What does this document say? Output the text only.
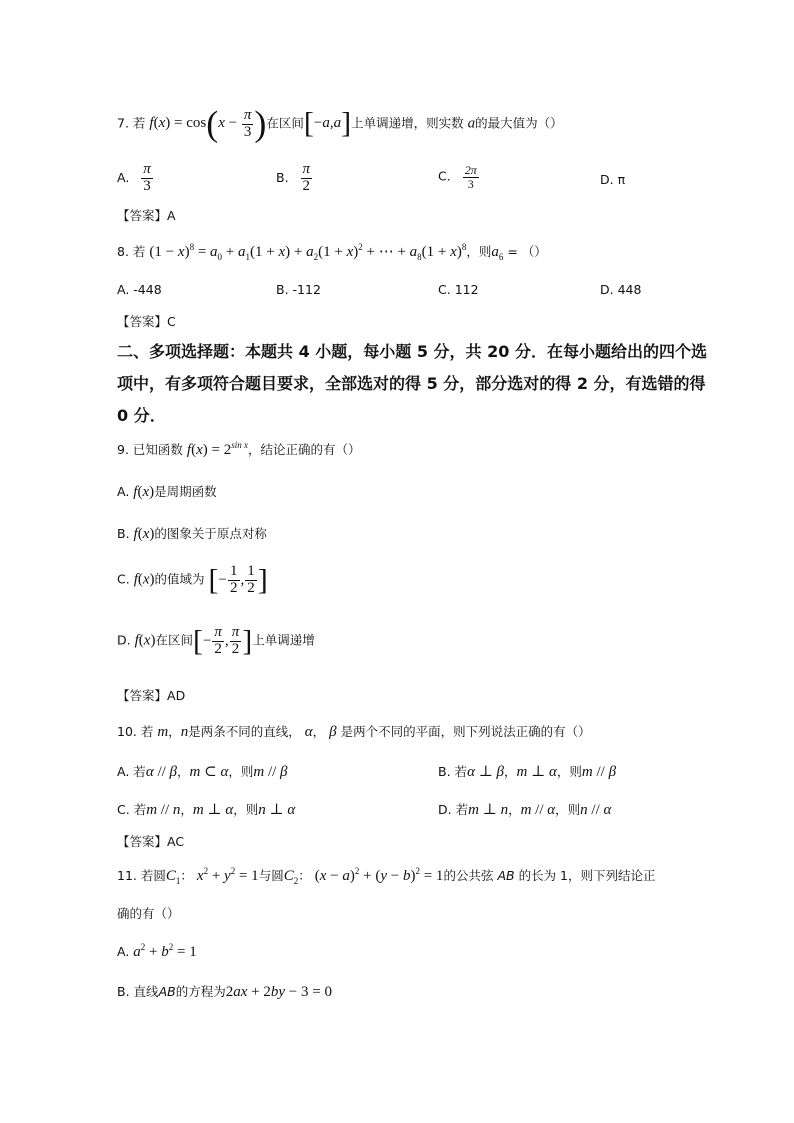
7. 若 $f(x) = \cos(x - \frac{\pi}{3}$ )在区间[−a,a]上单调递增，则实数 a的最大值为（）
A. $\frac{\pi}{3}$	B. $\frac{\pi}{2}$	C. $\frac{2\pi}{3}$	D. π
【答案】A
8. 若 $(1 - x)^8 = a_0 + a_1(1 + x) + a_2(1 + x)^2$ + ⋯ + $a_8(1 + x)^8$，则$a_6$ = （）
A. -448	B. -112	C. 112	D. 448
【答案】C
二、多项选择题：本题共 4 小题，每小题 5 分，共 20 分．在每小题给出的四个选项中，有多项符合题目要求，全部选对的得 5 分，部分选对的得 2 分，有选错的得 0 分．
9. 已知函数 $f(x) = 2^{sin x}$，结论正确的有（）
A. f(x)是周期函数
B. f(x)的图象关于原点对称
C. f(x)的值域为 [− $\frac{1}{2}$ , $\frac{1}{2}$ ]
D. f(x)在区间[− $\frac{\pi}{2}$ , $\frac{\pi}{2}$ ]上单调递增
【答案】AD
10. 若 m，n是两条不同的直线， α， β 是两个不同的平面，则下列说法正确的有（）
A. 若α // β，m ⊂ α，则m // β	B. 若α ⊥ β，m ⊥ α，则m // β
C. 若m // n，m ⊥ α，则n ⊥ α	D. 若m ⊥ n，m // α，则n // α
【答案】AC
11. 若圆$C_1$： $x^2 + y^2 = 1$与圆$C_2$： $(x - a)^2 + (y - b)^2 = 1$的公共弦 AB 的长为 1，则下列结论正
确的有（）
A. $a^2 + b^2 = 1$
B. 直线AB的方程为2ax + 2by − 3 = 0
